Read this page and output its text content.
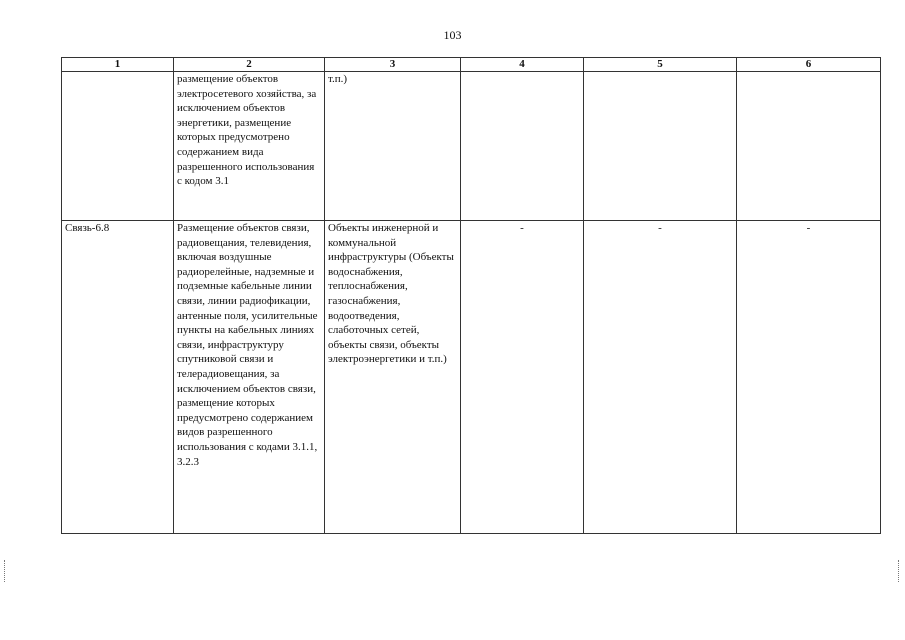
103
1	2	3	4	5	6
	размещение объектов электросетевого хозяйства, за исключением объектов энергетики, размещение которых предусмотрено содержанием вида разрешенного использования с кодом 3.1	т.п.)			
Связь-6.8	Размещение объектов связи, радиовещания, телевидения, включая воздушные радиорелейные, надземные и подземные кабельные линии связи, линии радиофикации, антенные поля, усилительные пункты на кабельных линиях связи, инфраструктуру спутниковой связи и телерадиовещания, за исключением объектов связи, размещение которых предусмотрено содержанием видов разрешенного использования с кодами 3.1.1, 3.2.3	Объекты инженерной и коммунальной инфраструктуры (Объекты водоснабжения, теплоснабжения, газоснабжения, водоотведения, слаботочных сетей, объекты связи, объекты электроэнергетики и т.п.)	-	-	-
